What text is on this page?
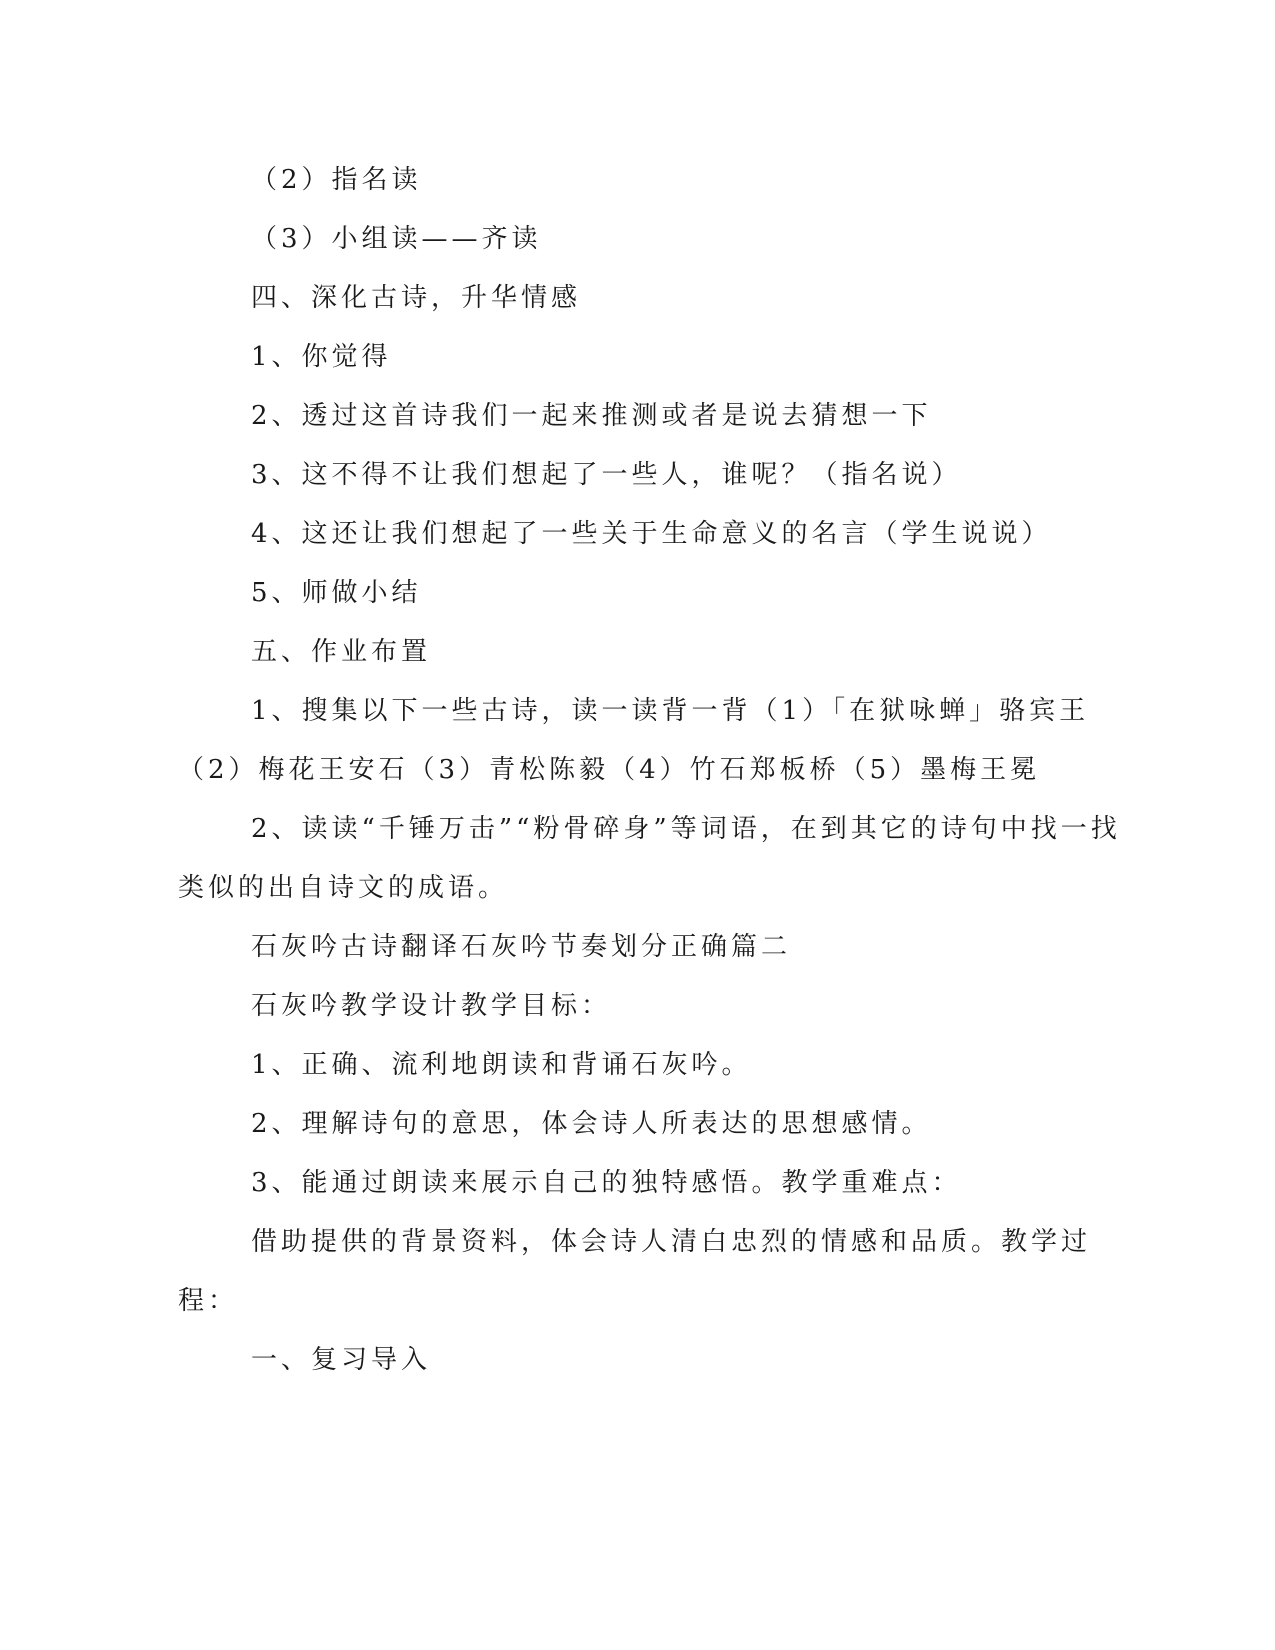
（2）指名读
（3）小组读——齐读
四、深化古诗，升华情感
1、你觉得
2、透过这首诗我们一起来推测或者是说去猜想一下
3、这不得不让我们想起了一些人，谁呢？（指名说）
4、这还让我们想起了一些关于生命意义的名言（学生说说）
5、师做小结
五、作业布置
1、搜集以下一些古诗，读一读背一背（1）「在狱咏蝉」骆宾王
（2）梅花王安石（3）青松陈毅（4）竹石郑板桥（5）墨梅王冕
2、读读“千锤万击”“粉骨碎身”等词语，在到其它的诗句中找一找
类似的出自诗文的成语。
石灰吟古诗翻译石灰吟节奏划分正确篇二
石灰吟教学设计教学目标：
1、正确、流利地朗读和背诵石灰吟。
2、理解诗句的意思，体会诗人所表达的思想感情。
3、能通过朗读来展示自己的独特感悟。教学重难点：
借助提供的背景资料，体会诗人清白忠烈的情感和品质。教学过
程：
一、复习导入
